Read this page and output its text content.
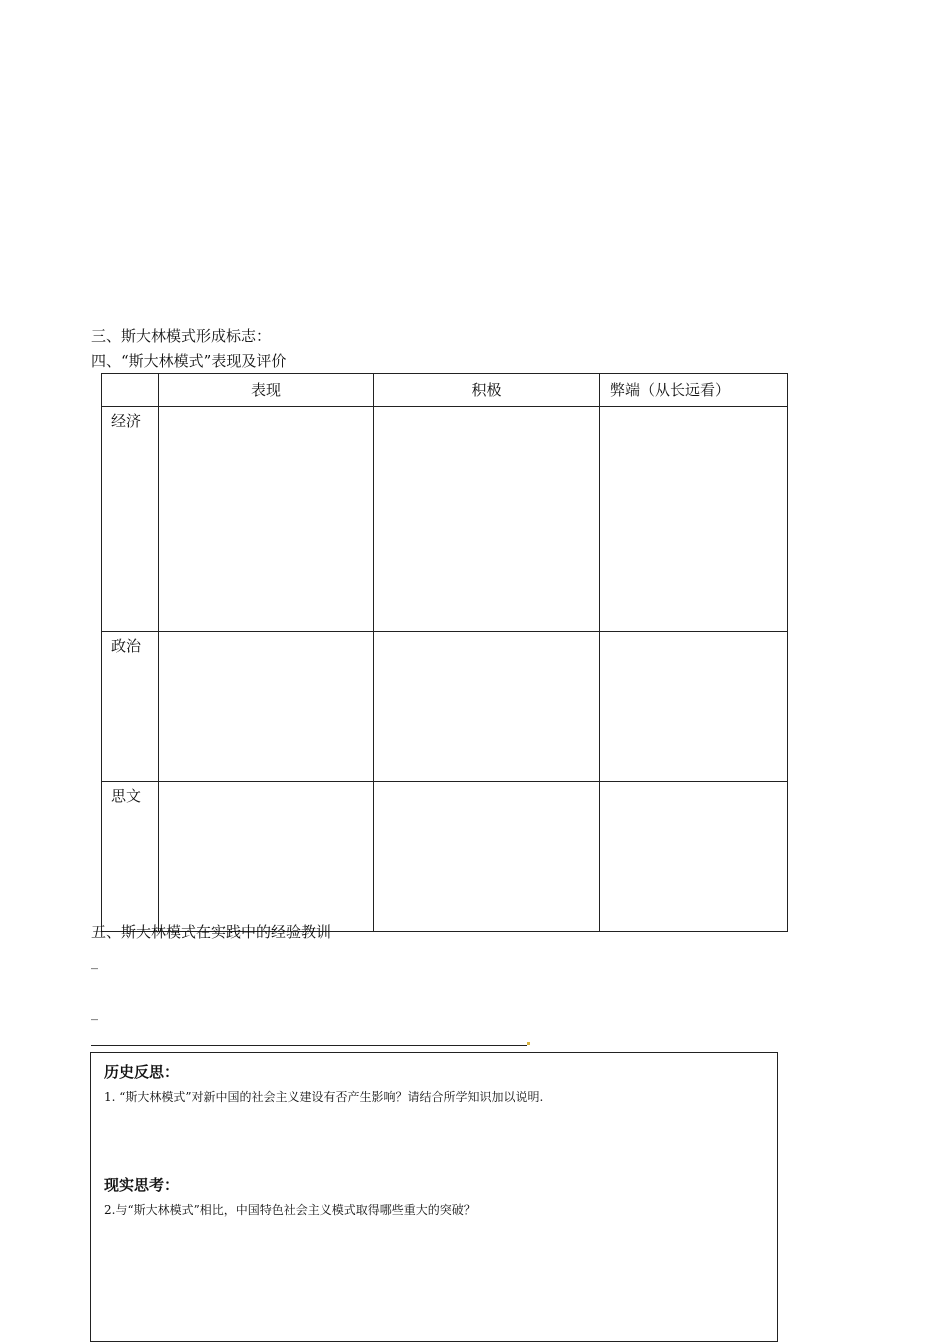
三、斯大林模式形成标志：
四、“斯大林模式”表现及评价
	表现	积极	弊端（从长远看）
经济			
政治			
思文			
五、斯大林模式在实践中的经验教训
_
_
历史反思：
1. “斯大林模式”对新中国的社会主义建设有否产生影响？请结合所学知识加以说明.
现实思考：
2.与“斯大林模式”相比，中国特色社会主义模式取得哪些重大的突破？
